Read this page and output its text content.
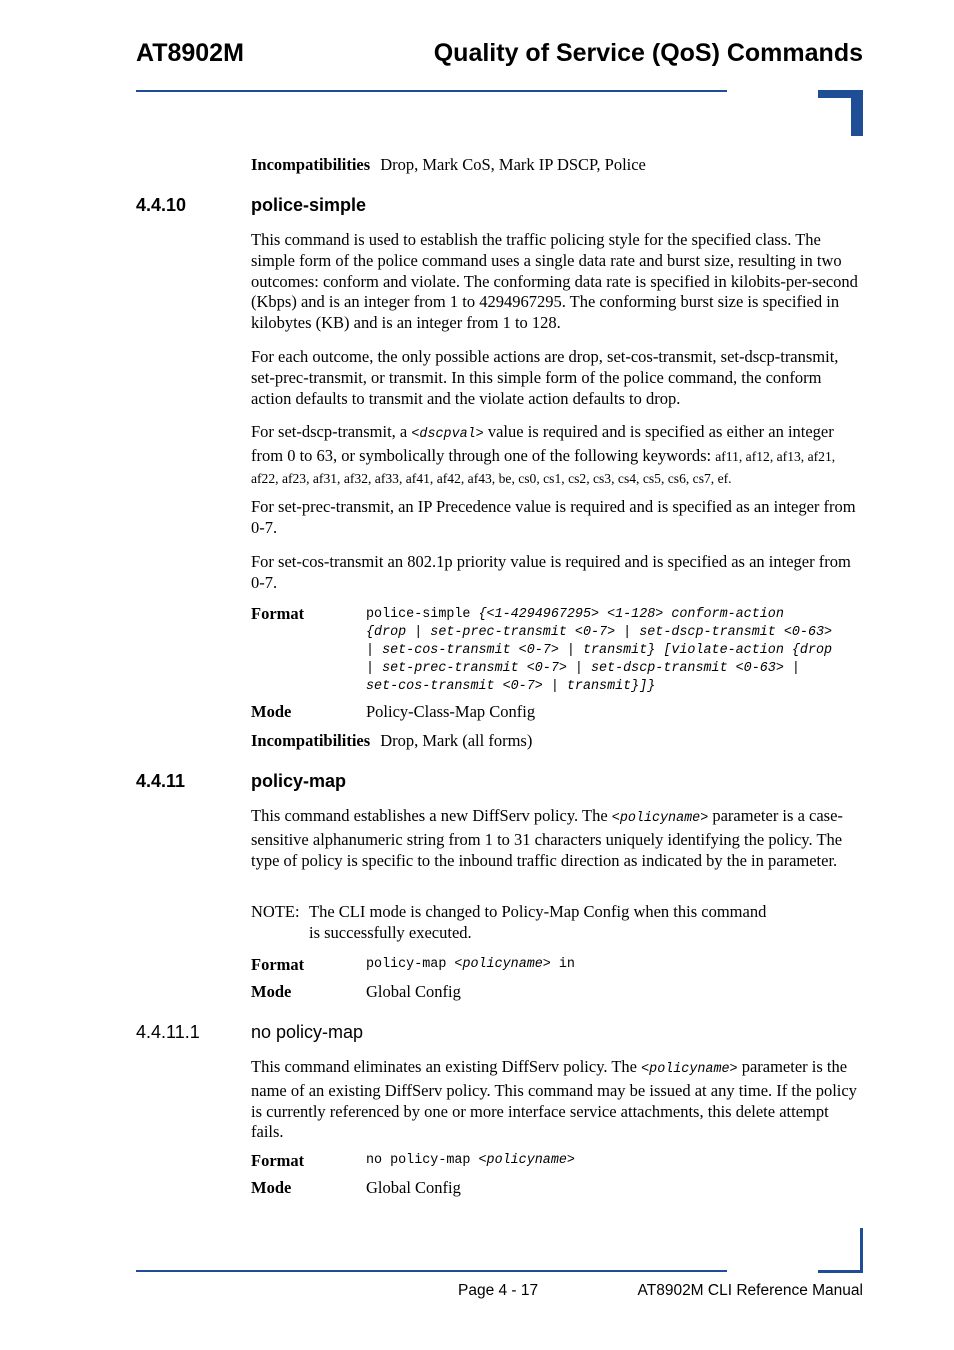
AT8902M	Quality of Service (QoS) Commands
Incompatibilities Drop, Mark CoS, Mark IP DSCP, Police
4.4.10	police-simple

This command is used to establish the traffic policing style for the specified class. The simple form of the police command uses a single data rate and burst size, resulting in two outcomes: conform and violate. The conforming data rate is specified in kilobits-per-second (Kbps) and is an integer from 1 to 4294967295. The conforming burst size is specified in kilobytes (KB) and is an integer from 1 to 128.

For each outcome, the only possible actions are drop, set-cos-transmit, set-dscp-transmit, set-prec-transmit, or transmit. In this simple form of the police command, the conform action defaults to transmit and the violate action defaults to drop.

For set-dscp-transmit, a <dscpval> value is required and is specified as either an integer from 0 to 63, or symbolically through one of the following keywords: af11, af12, af13, af21, af22, af23, af31, af32, af33, af41, af42, af43, be, cs0, cs1, cs2, cs3, cs4, cs5, cs6, cs7, ef.

For set-prec-transmit, an IP Precedence value is required and is specified as an integer from 0-7.

For set-cos-transmit an 802.1p priority value is required and is specified as an integer from 0-7.

Format	police-simple {<1-4294967295> <1-128> conform-action
{drop | set-prec-transmit <0-7> | set-dscp-transmit <0-63>
| set-cos-transmit <0-7> | transmit} [violate-action {drop
| set-prec-transmit <0-7> | set-dscp-transmit <0-63> |
set-cos-transmit <0-7> | transmit}]}
Mode	Policy-Class-Map Config
Incompatibilities Drop, Mark (all forms)
4.4.11	policy-map

This command establishes a new DiffServ policy. The <policyname> parameter is a case-sensitive alphanumeric string from 1 to 31 characters uniquely identifying the policy. The type of policy is specific to the inbound traffic direction as indicated by the in parameter.

NOTE: The CLI mode is changed to Policy-Map Config when this command
is successfully executed.
Format	policy-map <policyname> in
Mode	Global Config
4.4.11.1	no policy-map

This command eliminates an existing DiffServ policy. The <policyname> parameter is the name of an existing DiffServ policy. This command may be issued at any time. If the policy is currently referenced by one or more interface service attachments, this delete attempt fails.

Format	no policy-map <policyname>
Mode	Global Config
Page 4 - 17	AT8902M CLI Reference Manual
